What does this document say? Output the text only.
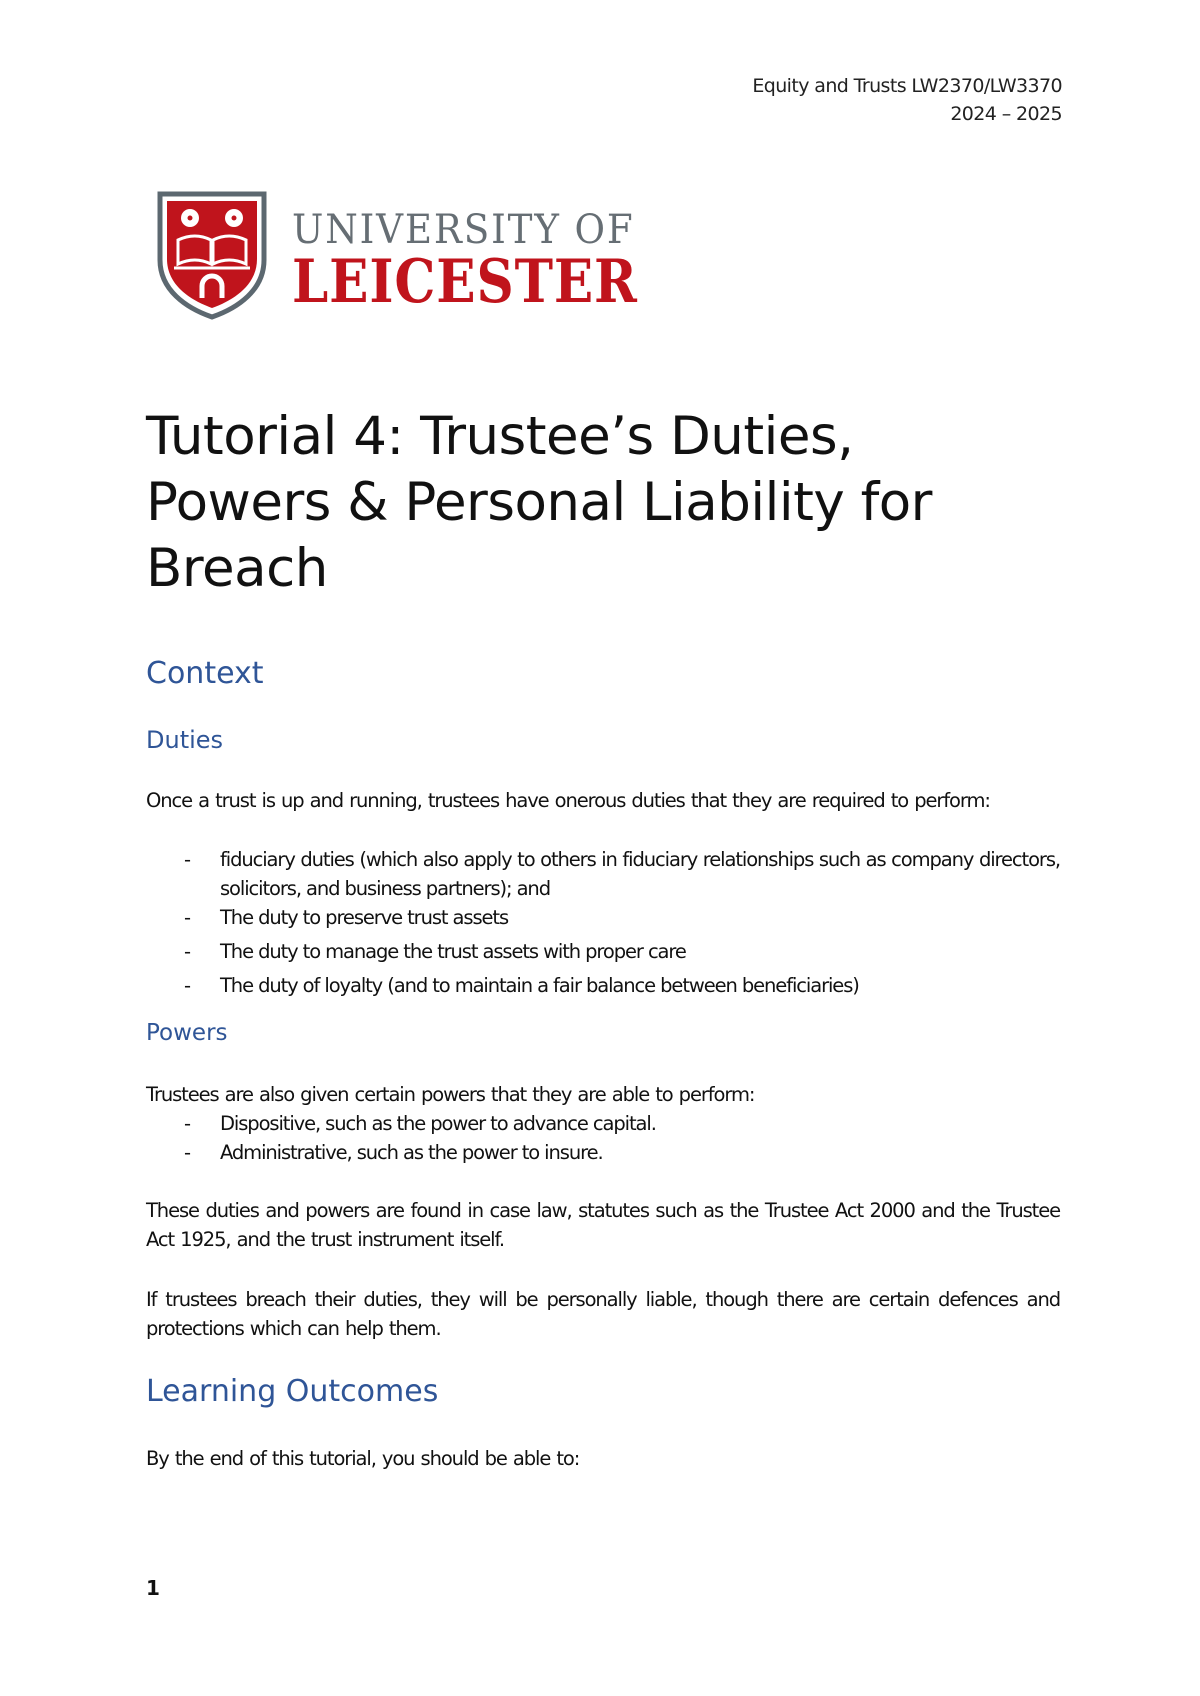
Equity and Trusts LW2370/LW3370
2024 – 2025
UNIVERSITY OF
LEICESTER
Tutorial 4: Trustee’s Duties, Powers & Personal Liability for Breach
Context
Duties

Once a trust is up and running, trustees have onerous duties that they are required to perform:

- fiduciary duties (which also apply to others in fiduciary relationships such as company directors, solicitors, and business partners); and
- The duty to preserve trust assets
- The duty to manage the trust assets with proper care
- The duty of loyalty (and to maintain a fair balance between beneficiaries)
Powers

Trustees are also given certain powers that they are able to perform:

- Dispositive, such as the power to advance capital.
- Administrative, such as the power to insure.

These duties and powers are found in case law, statutes such as the Trustee Act 2000 and the Trustee Act 1925, and the trust instrument itself.

If trustees breach their duties, they will be personally liable, though there are certain defences and protections which can help them.

Learning Outcomes

By the end of this tutorial, you should be able to:

1
